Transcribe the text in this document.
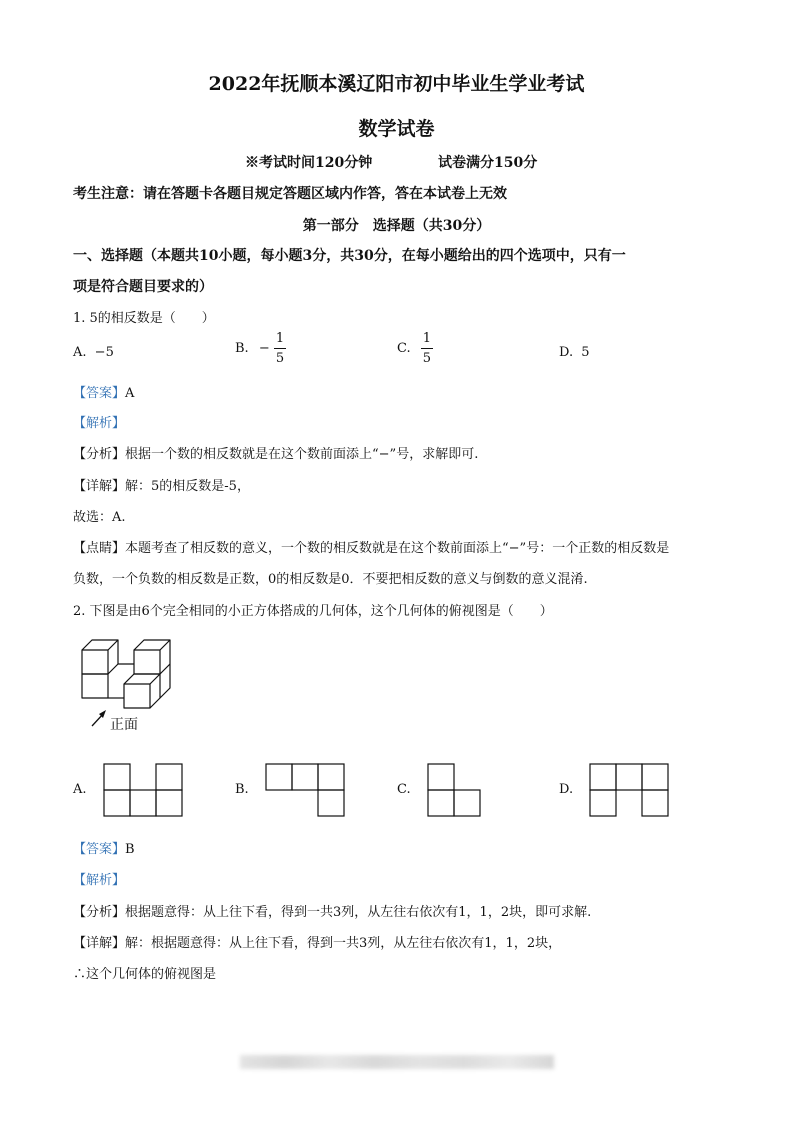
2022年抚顺本溪辽阳市初中毕业生学业考试
数学试卷
※考试时间120分钟	试卷满分150分
考生注意：请在答题卡各题目规定答题区域内作答，答在本试卷上无效
第一部分　选择题（共30分）
一、选择题（本题共10小题，每小题3分，共30分，在每小题给出的四个选项中，只有一
项是符合题目要求的）
1. 5的相反数是（　　）
A. −5	B. − $\frac{1}{5}$	C. $\frac{1}{5}$	D. 5
【答案】A
【解析】
【分析】根据一个数的相反数就是在这个数前面添上“−”号，求解即可.
【详解】解：5的相反数是-5，
故选：A.
【点睛】本题考查了相反数的意义，一个数的相反数就是在这个数前面添上“−”号：一个正数的相反数是
负数，一个负数的相反数是正数，0的相反数是0．不要把相反数的意义与倒数的意义混淆.
2. 下图是由6个完全相同的小正方体搭成的几何体，这个几何体的俯视图是（　　）
正面
A.	B.	C.	D.
【答案】B
【解析】
【分析】根据题意得：从上往下看，得到一共3列，从左往右依次有1，1，2块，即可求解.
【详解】解：根据题意得：从上往下看，得到一共3列，从左往右依次有1，1，2块，
∴这个几何体的俯视图是
